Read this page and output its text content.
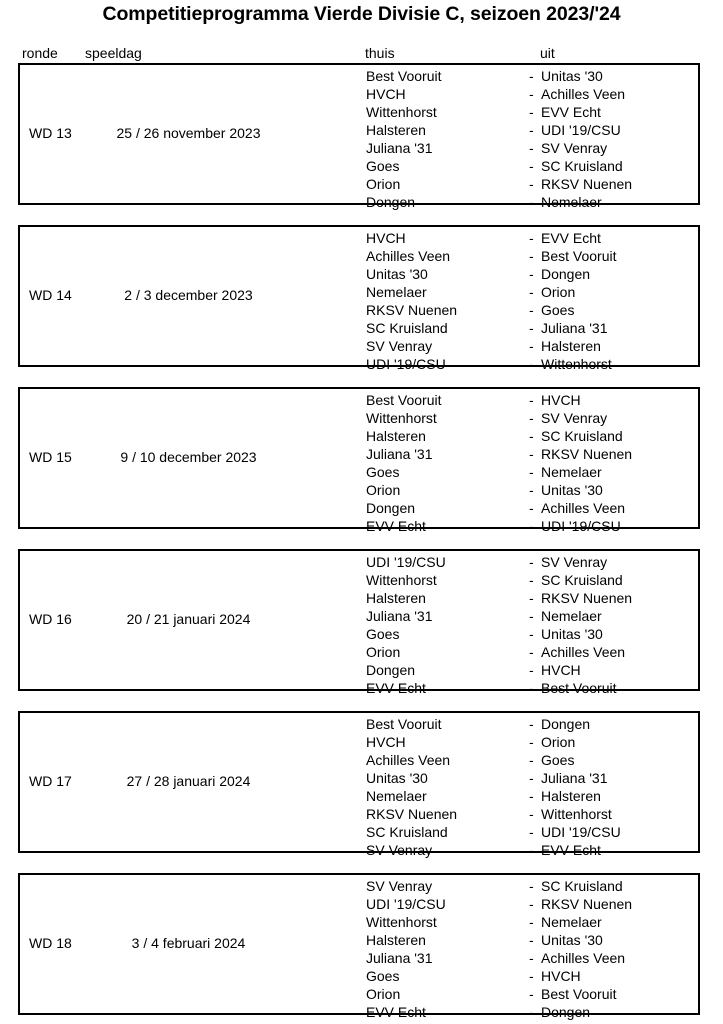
Competitieprogramma Vierde Divisie C, seizoen 2023/'24
ronde speeldag	thuis	uit
WD 13	25 / 26 november 2023
Best Vooruit	- Unitas '30
HVCH	- Achilles Veen
Wittenhorst	- EVV Echt
Halsteren	- UDI '19/CSU
Juliana '31	- SV Venray
Goes	- SC Kruisland
Orion	- RKSV Nuenen
Dongen	- Nemelaer
WD 14	2 / 3 december 2023
HVCH	- EVV Echt
Achilles Veen	- Best Vooruit
Unitas '30	- Dongen
Nemelaer	- Orion
RKSV Nuenen	- Goes
SC Kruisland	- Juliana '31
SV Venray	- Halsteren
UDI '19/CSU	- Wittenhorst
WD 15	9 / 10 december 2023
Best Vooruit	- HVCH
Wittenhorst	- SV Venray
Halsteren	- SC Kruisland
Juliana '31	- RKSV Nuenen
Goes	- Nemelaer
Orion	- Unitas '30
Dongen	- Achilles Veen
EVV Echt	- UDI '19/CSU
WD 16	20 / 21 januari 2024
UDI '19/CSU	- SV Venray
Wittenhorst	- SC Kruisland
Halsteren	- RKSV Nuenen
Juliana '31	- Nemelaer
Goes	- Unitas '30
Orion	- Achilles Veen
Dongen	- HVCH
EVV Echt	- Best Vooruit
WD 17	27 / 28 januari 2024
Best Vooruit	- Dongen
HVCH	- Orion
Achilles Veen	- Goes
Unitas '30	- Juliana '31
Nemelaer	- Halsteren
RKSV Nuenen	- Wittenhorst
SC Kruisland	- UDI '19/CSU
SV Venray	- EVV Echt
WD 18	3 / 4 februari 2024
SV Venray	- SC Kruisland
UDI '19/CSU	- RKSV Nuenen
Wittenhorst	- Nemelaer
Halsteren	- Unitas '30
Juliana '31	- Achilles Veen
Goes	- HVCH
Orion	- Best Vooruit
EVV Echt	- Dongen
